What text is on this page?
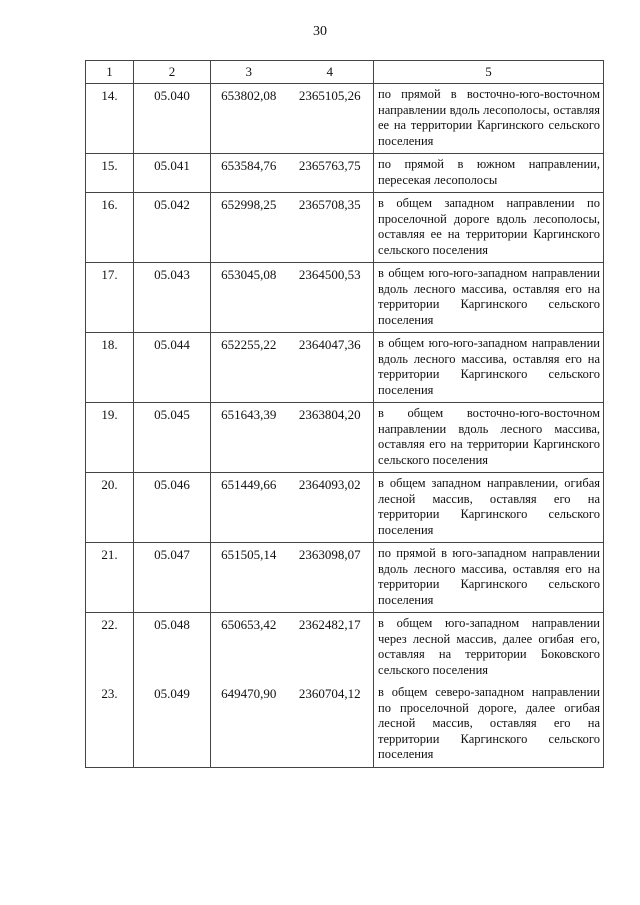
30
1	2	3	4	5
14.	05.040	653802,08	2365105,26	по прямой в восточно-юго-восточном направлении вдоль лесополосы, оставляя ее на территории Каргинского сельского поселения
15.	05.041	653584,76	2365763,75	по прямой в южном направлении, пересекая лесополосы
16.	05.042	652998,25	2365708,35	в общем западном направлении по проселочной дороге вдоль лесополосы, оставляя ее на территории Каргинского сельского поселения
17.	05.043	653045,08	2364500,53	в общем юго-юго-западном направлении вдоль лесного массива, оставляя его на территории Каргинского сельского поселения
18.	05.044	652255,22	2364047,36	в общем юго-юго-западном направлении вдоль лесного массива, оставляя его на территории Каргинского сельского поселения
19.	05.045	651643,39	2363804,20	в общем восточно-юго-восточном направлении вдоль лесного массива, оставляя его на территории Каргинского сельского поселения
20.	05.046	651449,66	2364093,02	в общем западном направлении, огибая лесной массив, оставляя его на территории Каргинского сельского поселения
21.	05.047	651505,14	2363098,07	по прямой в юго-западном направлении вдоль лесного массива, оставляя его на территории Каргинского сельского поселения
22.	05.048	650653,42	2362482,17	в общем юго-западном направлении через лесной массив, далее огибая его, оставляя на территории Боковского сельского поселения
23.	05.049	649470,90	2360704,12	в общем северо-западном направлении по проселочной дороге, далее огибая лесной массив, оставляя его на территории Каргинского сельского поселения
